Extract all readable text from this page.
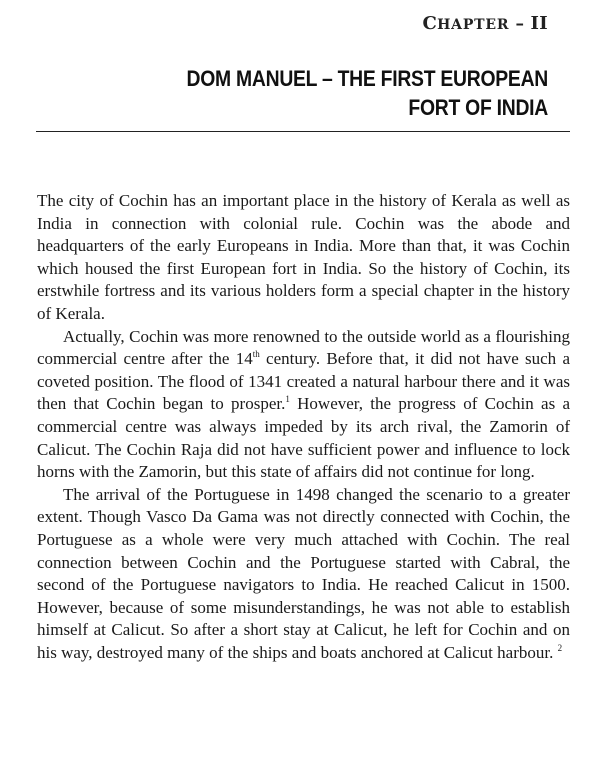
CHAPTER – II
DOM MANUEL – THE FIRST EUROPEAN
FORT OF INDIA

The city of Cochin has an important place in the history of Kerala as well as India in connection with colonial rule. Cochin was the abode and headquarters of the early Europeans in India. More than that, it was Cochin which housed the first European fort in India. So the history of Cochin, its erstwhile fortress and its various holders form a special chapter in the history of Kerala.

Actually, Cochin was more renowned to the outside world as a flourishing commercial centre after the 14th century. Before that, it did not have such a coveted position. The flood of 1341 created a natural harbour there and it was then that Cochin began to prosper.$^1$ However, the progress of Cochin as a commercial centre was always impeded by its arch rival, the Zamorin of Calicut. The Cochin Raja did not have sufficient power and influence to lock horns with the Zamorin, but this state of affairs did not continue for long.

The arrival of the Portuguese in 1498 changed the scenario to a greater extent. Though Vasco Da Gama was not directly connected with Cochin, the Portuguese as a whole were very much attached with Cochin. The real connection between Cochin and the Portuguese started with Cabral, the second of the Portuguese navigators to India. He reached Calicut in 1500. However, because of some misunderstandings, he was not able to establish himself at Calicut. So after a short stay at Calicut, he left for Cochin and on his way, destroyed many of the ships and boats anchored at Calicut harbour. $^2$
